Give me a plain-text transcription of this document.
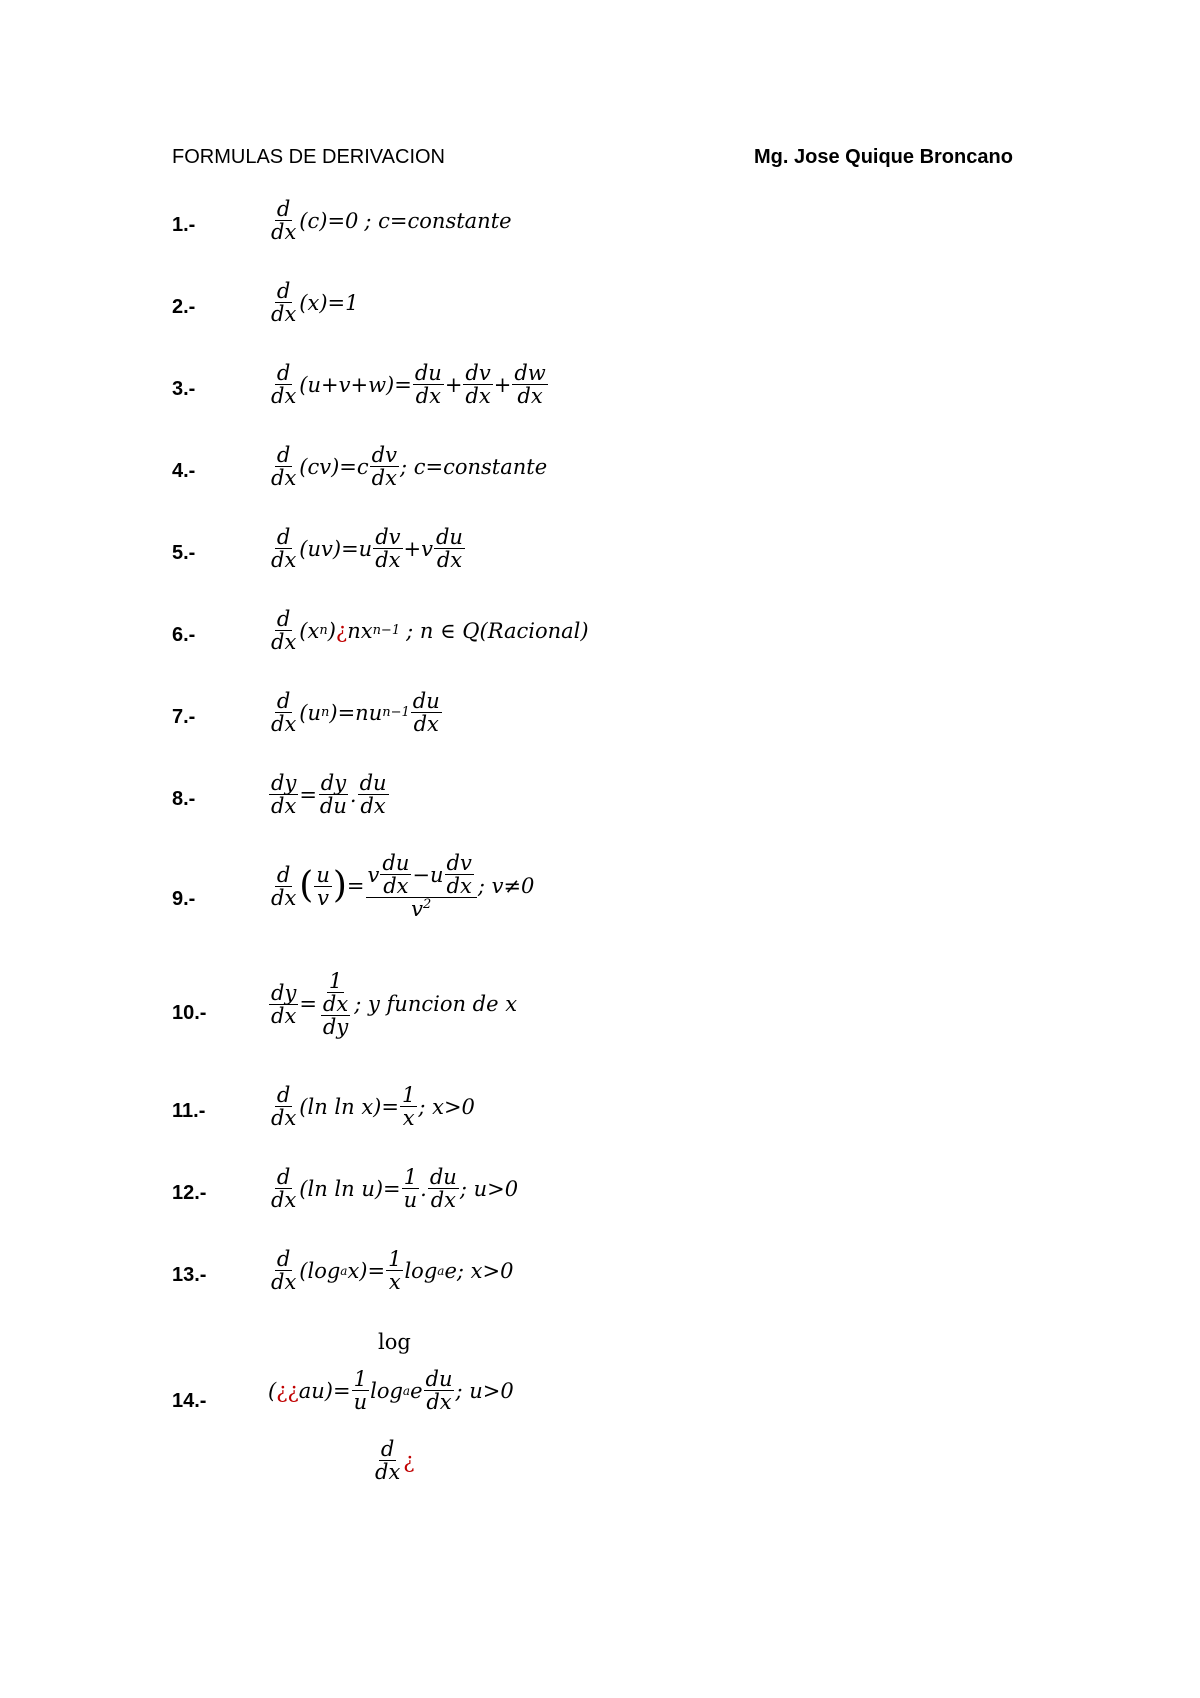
FORMULAS DE DERIVACION	Mg. Jose Quique Broncano
1.-
2.-
3.-
4.-
5.-
6.-
7.-
8.-
9.-
10.-
11.-
12.-
13.-
14.-
$\frac{d}{dx} (c)=0$ ; c=constante
$\frac{d}{dx} (x)=1$
$\frac{d}{dx} (u+v+w)= \frac{du}{dx} + \frac{dv}{dx} + \frac{dw}{dx}$
$\frac{d}{dx} (cv)=c \frac{dv}{dx}$ ; c=constante
$\frac{d}{dx} (uv)=u \frac{dv}{dx} +v \frac{du}{dx}$
$\frac{d}{dx} (x$ n ) ¿ nx n−1 ; n ∈ Q(Racional)
$\frac{d}{dx} (u$ n )=nu $n-1 \frac{du}{dx}$
$\frac{dy}{dx} = \frac{dy}{du}$ . $\frac{du}{dx}$
$\frac{d}{dx}$ ( $\frac{u}{v}$ ) = $\frac{v \frac{du}{dx} -u \frac{dv}{dx}}{v^2}$ ; v≠0
$\frac{dy}{dx} = \frac{1}{\frac{dx}{dy}}$ ; y funcion de x
$\frac{d}{dx} (\ln$ $\ln x)= \frac{1}{x}$ ; x>0
$\frac{d}{dx} (\ln$ $\ln u)= \frac{1}{u}$ . $\frac{du}{dx}$ ; u>0
$\frac{d}{dx} (\log$ a $x)= \frac{1}{x}$ log a e ; x>0
log
( ¿¿ $au)= \frac{1}{u}$ log a e $\frac{du}{dx}$ ; u>0
$\frac{d}{dx}$ ¿
